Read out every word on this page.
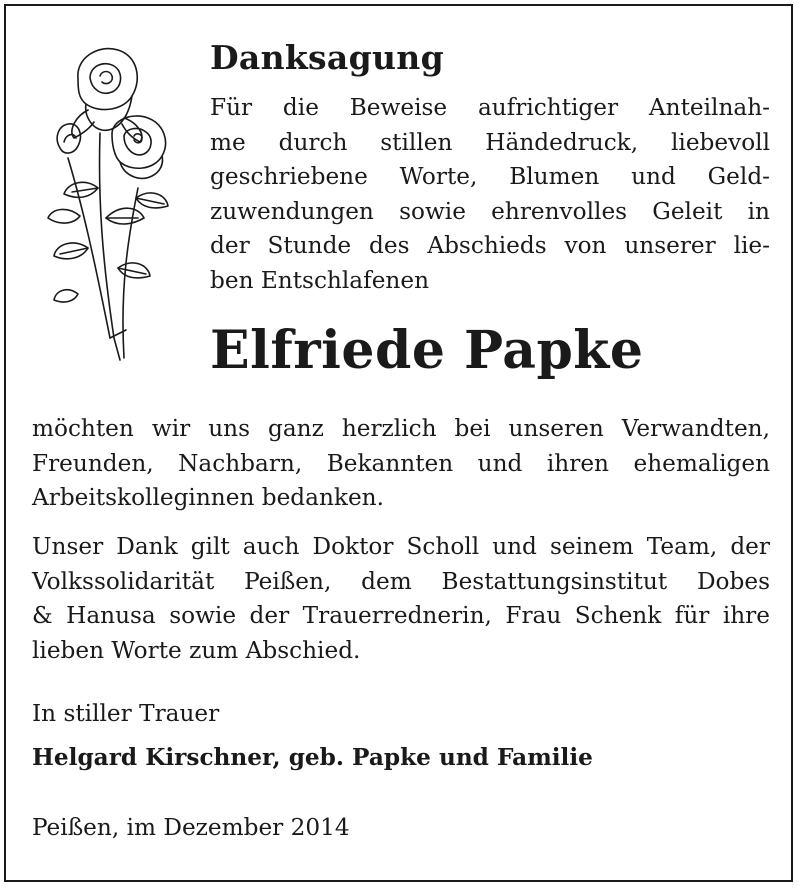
Danksagung

Für die Beweise aufrichtiger Anteilnah-
me durch stillen Händedruck, liebevoll
geschriebene Worte, Blumen und Geld-
zuwendungen sowie ehrenvolles Geleit in
der Stunde des Abschieds von unserer lie-
ben Entschlafenen

Elfriede Papke

möchten wir uns ganz herzlich bei unseren Verwandten,
Freunden, Nachbarn, Bekannten und ihren ehemaligen
Arbeitskolleginnen bedanken.

Unser Dank gilt auch Doktor Scholl und seinem Team, der
Volkssolidarität Peißen, dem Bestattungsinstitut Dobes
& Hanusa sowie der Trauerrednerin, Frau Schenk für ihre
lieben Worte zum Abschied.

In stiller Trauer

Helgard Kirschner, geb. Papke und Familie

Peißen, im Dezember 2014
